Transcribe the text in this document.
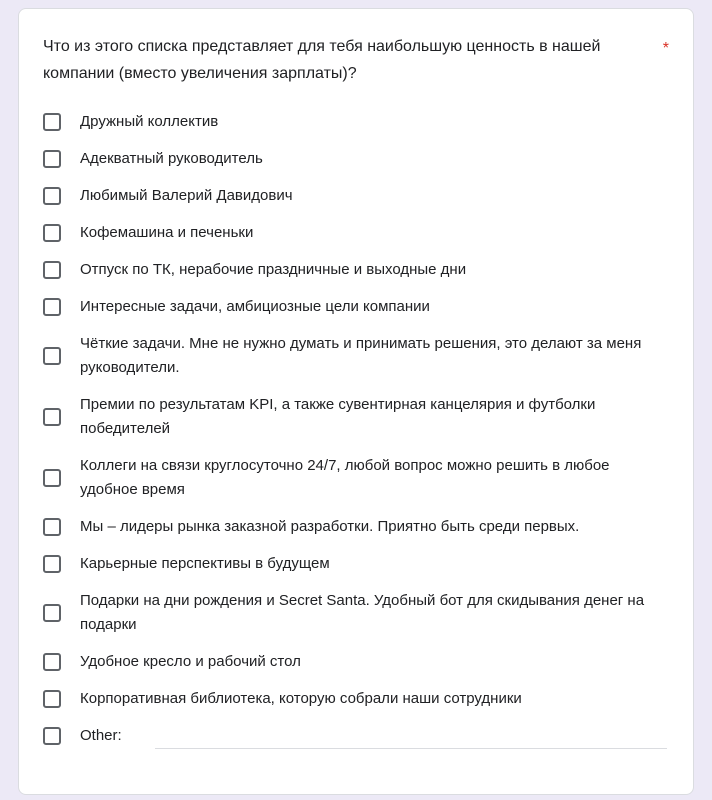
Что из этого списка представляет для тебя наибольшую ценность в нашей компании (вместо увеличения зарплаты)?
*
Дружный коллектив
Адекватный руководитель
Любимый Валерий Давидович
Кофемашина и печеньки
Отпуск по ТК, нерабочие праздничные и выходные дни
Интересные задачи, амбициозные цели компании
Чёткие задачи. Мне не нужно думать и принимать решения, это делают за меня руководители.
Премии по результатам KPI, а также сувентирная канцелярия и футболки победителей
Коллеги на связи круглосуточно 24/7, любой вопрос можно решить в любое удобное время
Мы – лидеры рынка заказной разработки. Приятно быть среди первых.
Карьерные перспективы в будущем
Подарки на дни рождения и Secret Santa. Удобный бот для скидывания денег на подарки
Удобное кресло и рабочий стол
Корпоративная библиотека, которую собрали наши сотрудники
Other:
